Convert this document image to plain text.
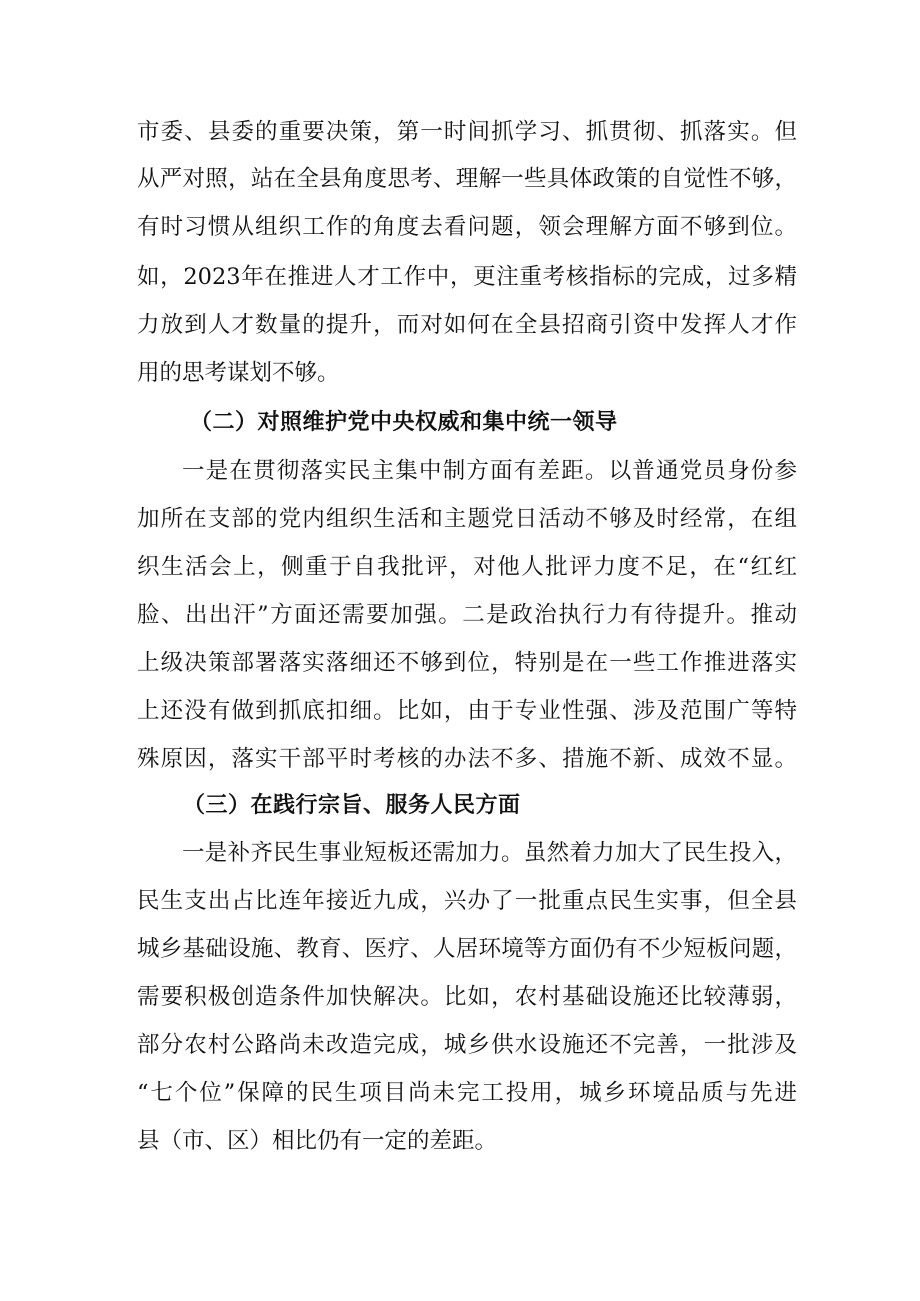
市委、县委的重要决策，第一时间抓学习、抓贯彻、抓落实。但
从严对照，站在全县角度思考、理解一些具体政策的自觉性不够，
有时习惯从组织工作的角度去看问题，领会理解方面不够到位。
如，2023年在推进人才工作中，更注重考核指标的完成，过多精
力放到人才数量的提升，而对如何在全县招商引资中发挥人才作
用的思考谋划不够。
（二）对照维护党中央权威和集中统一领导
一是在贯彻落实民主集中制方面有差距。以普通党员身份参
加所在支部的党内组织生活和主题党日活动不够及时经常，在组
织生活会上，侧重于自我批评，对他人批评力度不足，在“红红
脸、出出汗”方面还需要加强。二是政治执行力有待提升。推动
上级决策部署落实落细还不够到位，特别是在一些工作推进落实
上还没有做到抓底扣细。比如，由于专业性强、涉及范围广等特
殊原因，落实干部平时考核的办法不多、措施不新、成效不显。
（三）在践行宗旨、服务人民方面
一是补齐民生事业短板还需加力。虽然着力加大了民生投入，
民生支出占比连年接近九成，兴办了一批重点民生实事，但全县
城乡基础设施、教育、医疗、人居环境等方面仍有不少短板问题，
需要积极创造条件加快解决。比如，农村基础设施还比较薄弱，
部分农村公路尚未改造完成，城乡供水设施还不完善，一批涉及
“七个位”保障的民生项目尚未完工投用，城乡环境品质与先进
县（市、区）相比仍有一定的差距。
